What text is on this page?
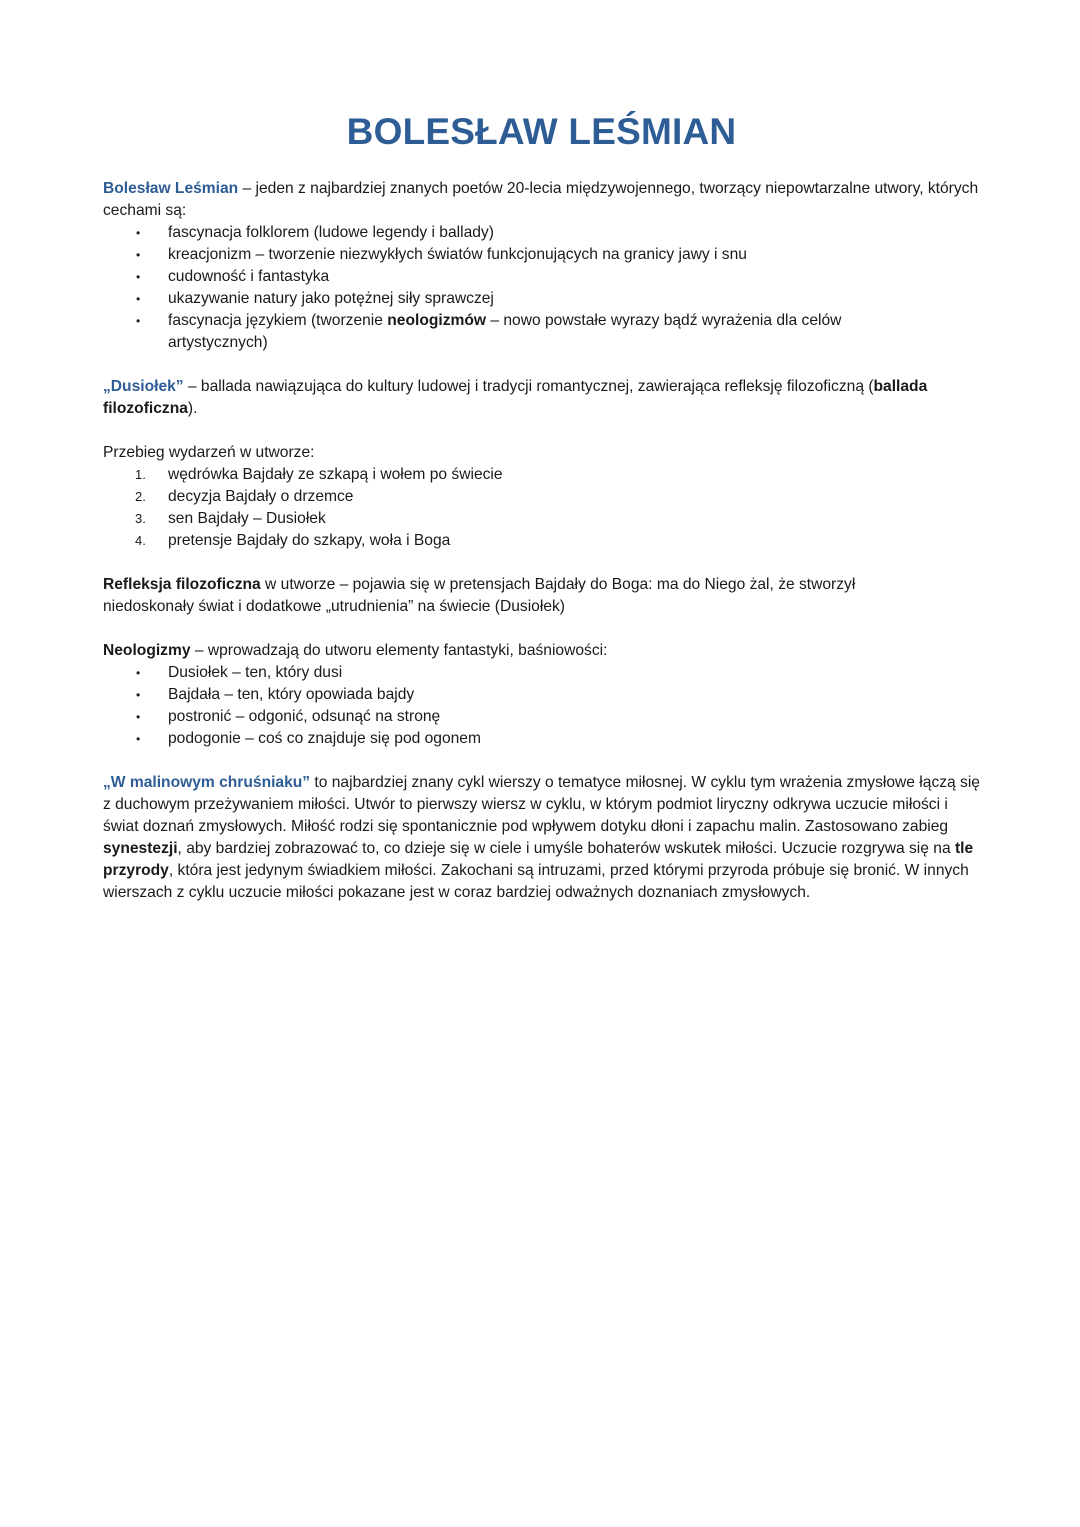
BOLESŁAW LEŚMIAN

Bolesław Leśmian – jeden z najbardziej znanych poetów 20-lecia międzywojennego, tworzący niepowtarzalne utwory, których cechami są:

• fascynacja folklorem (ludowe legendy i ballady)
• kreacjonizm – tworzenie niezwykłych światów funkcjonujących na granicy jawy i snu
• cudowność i fantastyka
• ukazywanie natury jako potężnej siły sprawczej
• fascynacja językiem (tworzenie neologizmów – nowo powstałe wyrazy bądź wyrażenia dla celów artystycznych)

„Dusiołek” – ballada nawiązująca do kultury ludowej i tradycji romantycznej, zawierająca refleksję filozoficzną (ballada filozoficzna).

Przebieg wydarzeń w utworze:

1. wędrówka Bajdały ze szkapą i wołem po świecie
2. decyzja Bajdały o drzemce
3. sen Bajdały – Dusiołek
4. pretensje Bajdały do szkapy, woła i Boga

Refleksja filozoficzna w utworze – pojawia się w pretensjach Bajdały do Boga: ma do Niego żal, że stworzył niedoskonały świat i dodatkowe „utrudnienia” na świecie (Dusiołek)

Neologizmy – wprowadzają do utworu elementy fantastyki, baśniowości:

• Dusiołek – ten, który dusi
• Bajdała – ten, który opowiada bajdy
• postronić – odgonić, odsunąć na stronę
• podogonie – coś co znajduje się pod ogonem

„W malinowym chruśniaku” to najbardziej znany cykl wierszy o tematyce miłosnej. W cyklu tym wrażenia zmysłowe łączą się z duchowym przeżywaniem miłości. Utwór to pierwszy wiersz w cyklu, w którym podmiot liryczny odkrywa uczucie miłości i świat doznań zmysłowych. Miłość rodzi się spontanicznie pod wpływem dotyku dłoni i zapachu malin. Zastosowano zabieg synestezji, aby bardziej zobrazować to, co dzieje się w ciele i umyśle bohaterów wskutek miłości. Uczucie rozgrywa się na tle przyrody, która jest jedynym świadkiem miłości. Zakochani są intruzami, przed którymi przyroda próbuje się bronić. W innych wierszach z cyklu uczucie miłości pokazane jest w coraz bardziej odważnych doznaniach zmysłowych.
